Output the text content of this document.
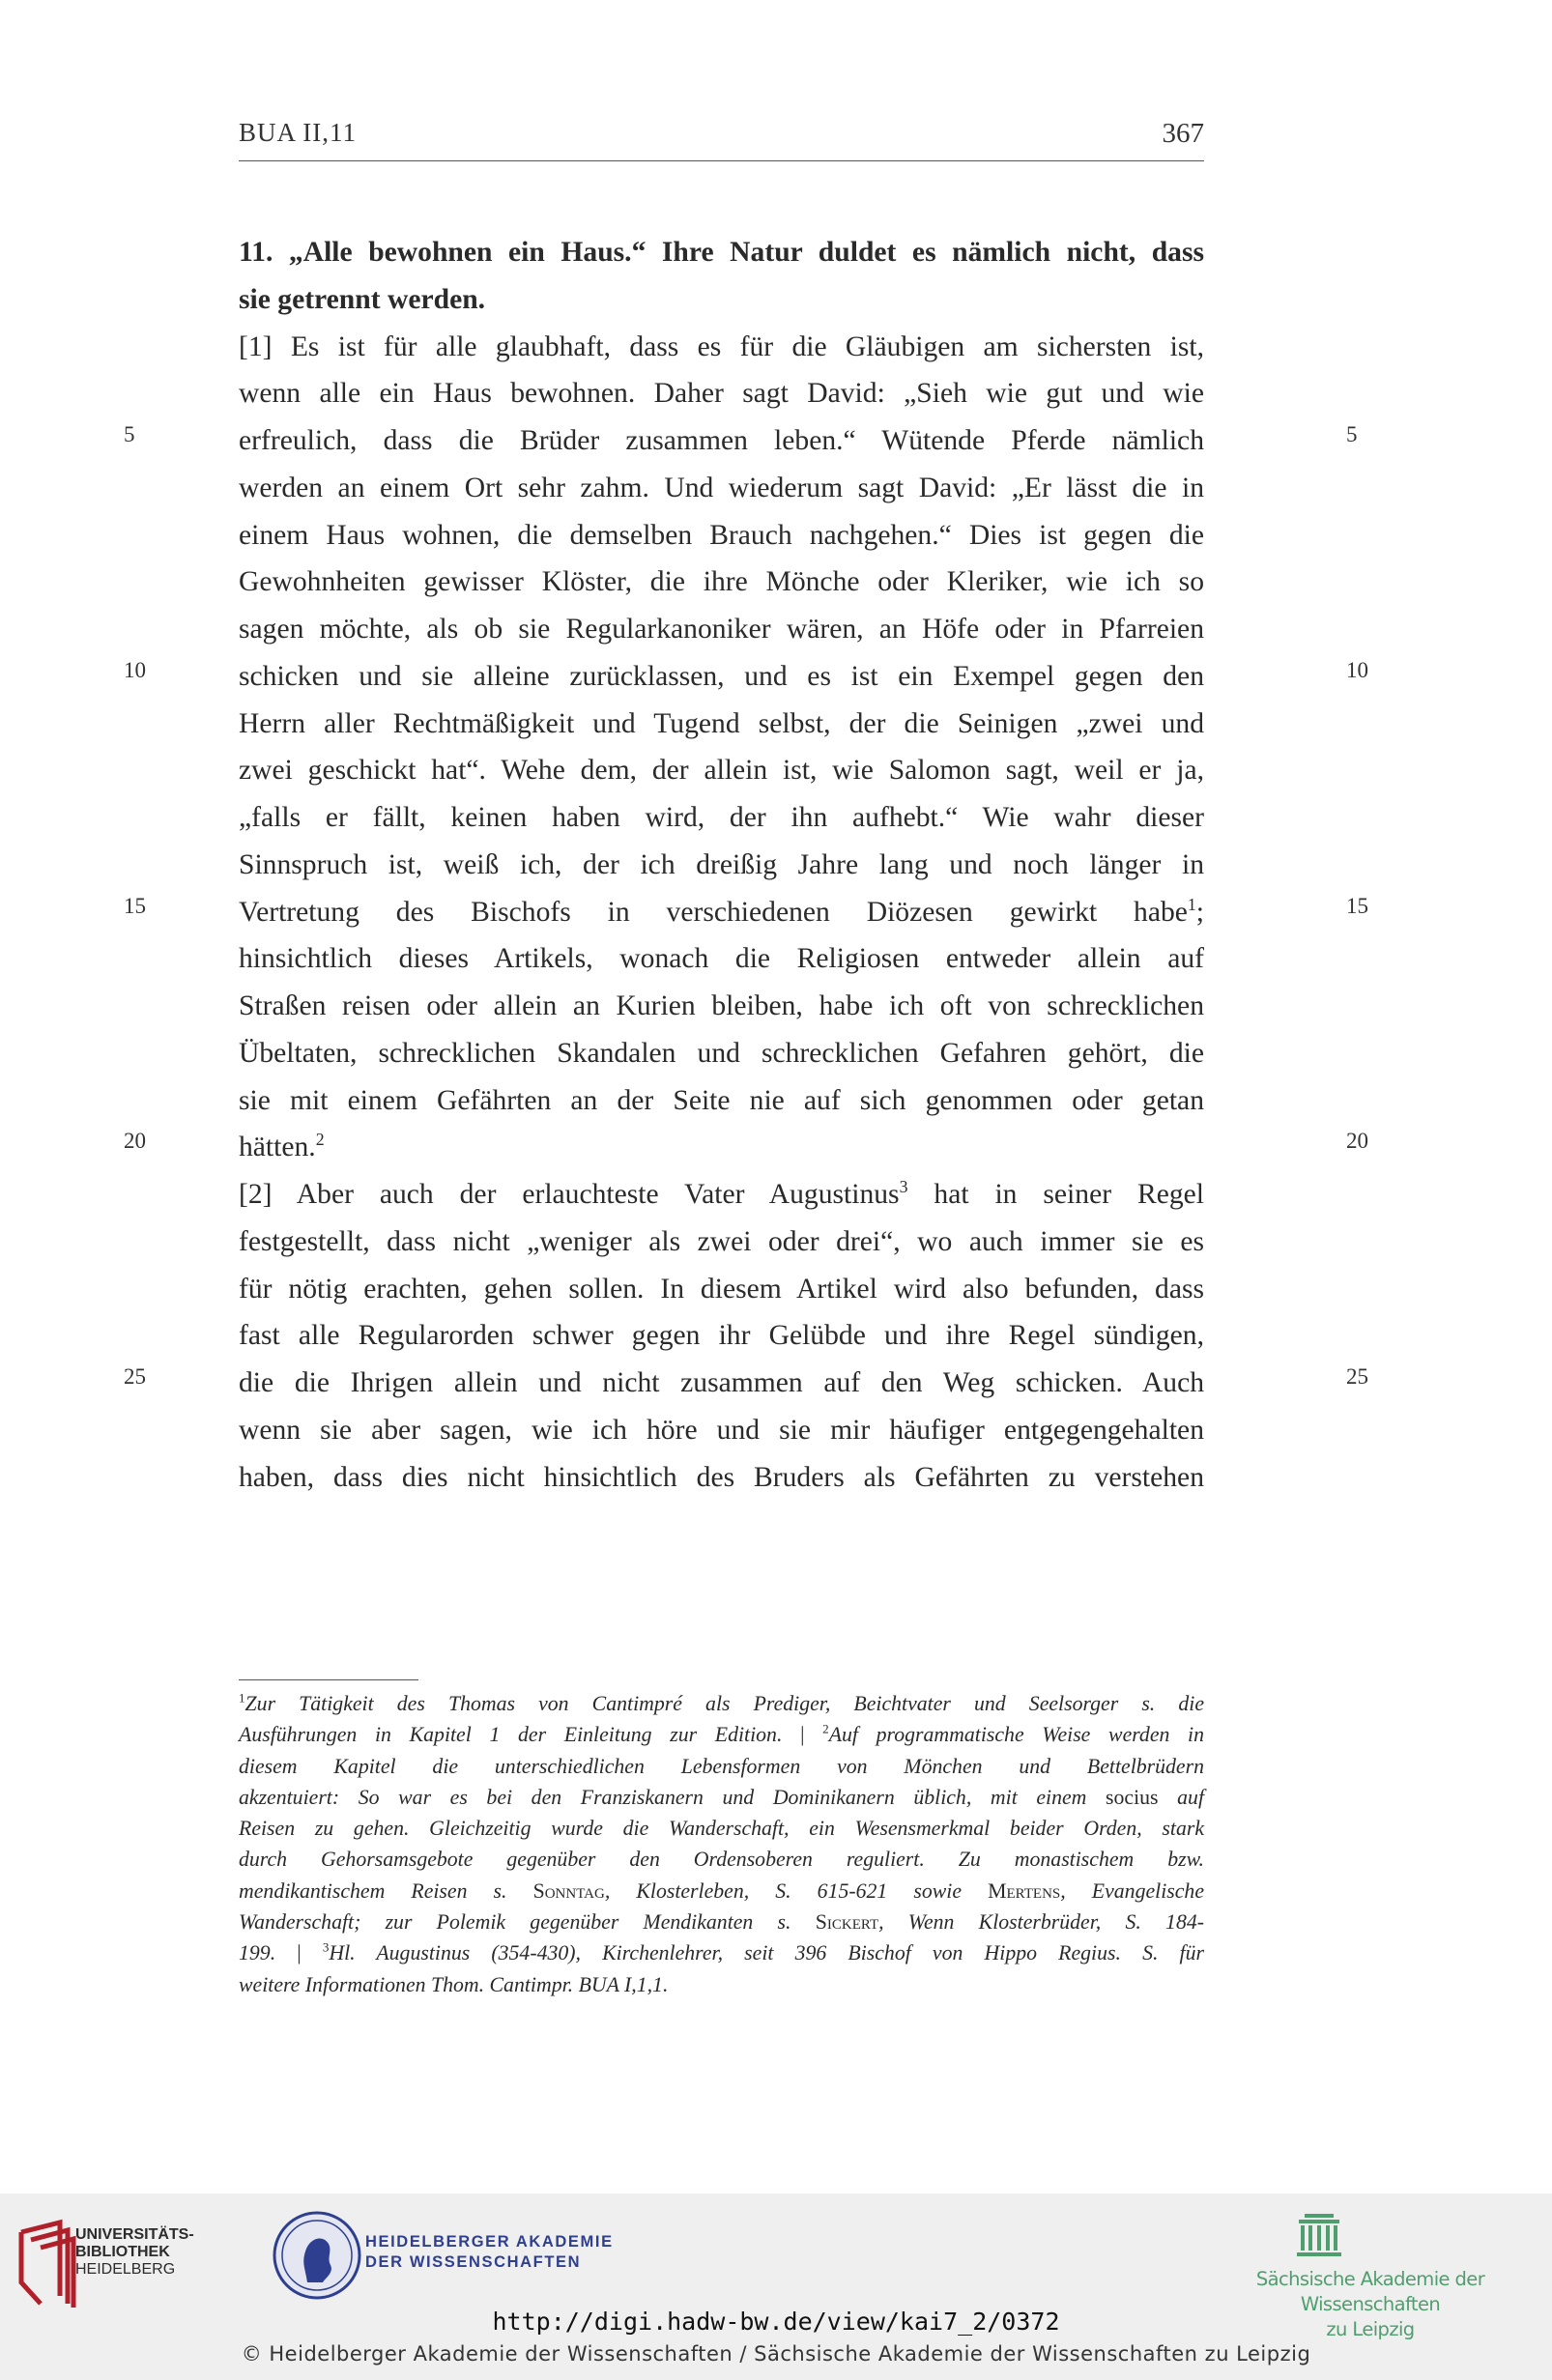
BUA II,11	367
5	5
10	10
15	15
20	20
25	25
11. „Alle bewohnen ein Haus.“ Ihre Natur duldet es nämlich nicht, dass
sie getrennt werden.
[1] Es ist für alle glaubhaft, dass es für die Gläubigen am sichersten ist,
wenn alle ein Haus bewohnen. Daher sagt David: „Sieh wie gut und wie
erfreulich, dass die Brüder zusammen leben.“ Wütende Pferde nämlich
werden an einem Ort sehr zahm. Und wiederum sagt David: „Er lässt die in
einem Haus wohnen, die demselben Brauch nachgehen.“ Dies ist gegen die
Gewohnheiten gewisser Klöster, die ihre Mönche oder Kleriker, wie ich so
sagen möchte, als ob sie Regularkanoniker wären, an Höfe oder in Pfarreien
schicken und sie alleine zurücklassen, und es ist ein Exempel gegen den
Herrn aller Rechtmäßigkeit und Tugend selbst, der die Seinigen „zwei und
zwei geschickt hat“. Wehe dem, der allein ist, wie Salomon sagt, weil er ja,
„falls er fällt, keinen haben wird, der ihn aufhebt.“ Wie wahr dieser
Sinnspruch ist, weiß ich, der ich dreißig Jahre lang und noch länger in
Vertretung des Bischofs in verschiedenen Diözesen gewirkt habe$^1$;
hinsichtlich dieses Artikels, wonach die Religiosen entweder allein auf
Straßen reisen oder allein an Kurien bleiben, habe ich oft von schrecklichen
Übeltaten, schrecklichen Skandalen und schrecklichen Gefahren gehört, die
sie mit einem Gefährten an der Seite nie auf sich genommen oder getan
hätten.$^2$
[2] Aber auch der erlauchteste Vater Augustinus$^3$ hat in seiner Regel
festgestellt, dass nicht „weniger als zwei oder drei“, wo auch immer sie es
für nötig erachten, gehen sollen. In diesem Artikel wird also befunden, dass
fast alle Regularorden schwer gegen ihr Gelübde und ihre Regel sündigen,
die die Ihrigen allein und nicht zusammen auf den Weg schicken. Auch
wenn sie aber sagen, wie ich höre und sie mir häufiger entgegengehalten
haben, dass dies nicht hinsichtlich des Bruders als Gefährten zu verstehen
$^1$Zur Tätigkeit des Thomas von Cantimpré als Prediger, Beichtvater und Seelsorger s. die
Ausführungen in Kapitel 1 der Einleitung zur Edition. | $^2$Auf programmatische Weise werden in
diesem Kapitel die unterschiedlichen Lebensformen von Mönchen und Bettelbrüdern
akzentuiert: So war es bei den Franziskanern und Dominikanern üblich, mit einem socius auf
Reisen zu gehen. Gleichzeitig wurde die Wanderschaft, ein Wesensmerkmal beider Orden, stark
durch Gehorsamsgebote gegenüber den Ordensoberen reguliert. Zu monastischem bzw.
mendikantischem Reisen s. Sonntag, Klosterleben, S. 615-621 sowie Mertens, Evangelische
Wanderschaft; zur Polemik gegenüber Mendikanten s. Sickert, Wenn Klosterbrüder, S. 184-
199. | $^3$Hl. Augustinus (354-430), Kirchenlehrer, seit 396 Bischof von Hippo Regius. S. für
weitere Informationen Thom. Cantimpr. BUA I,1,1.
UNIVERSITÄTS-
BIBLIOTHEK
HEIDELBERG
HEIDELBERGER AKADEMIE
DER WISSENSCHAFTEN
Sächsische Akademie der Wissenschaften
zu Leipzig
http://digi.hadw-bw.de/view/kai7_2/0372
© Heidelberger Akademie der Wissenschaften / Sächsische Akademie der Wissenschaften zu Leipzig
